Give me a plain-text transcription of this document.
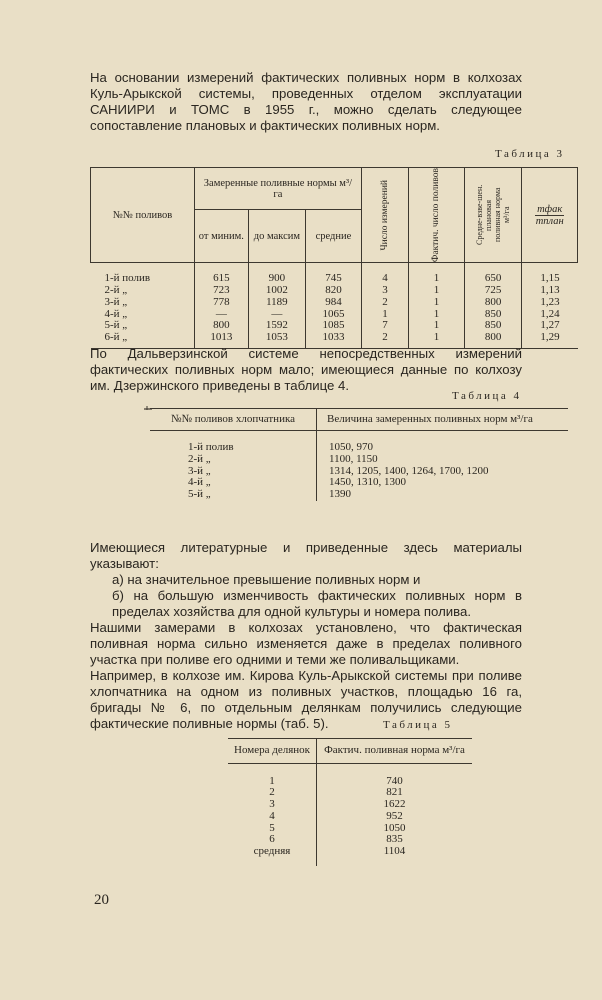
На основании измерений фактических поливных норм в колхозах Куль-Арыкской системы, проведенных отделом эксплуатации САНИИРИ и ТОМС в 1955 г., можно сделать следующее сопоставление плановых и фактических поливных норм.

Таблица 3
№№ поливов	Замеренные поливные нормы м³/га			Число измерений	Фактич. число поливов	Средне-взве-шен. плановая поливная норма м³/га	mфак
mплан
	от миним.	до максим	средние				
1-й полив	615	900	745	4	1	650	1,15
2-й „	723	1002	820	3	1	725	1,13
3-й „	778	1189	984	2	1	800	1,23
4-й „	—	—	1065	1	1	850	1,24
5-й „	800	1592	1085	7	1	850	1,27
6-й „	1013	1053	1033	2	1	800	1,29

По Дальверзинской системе непосредственных измерений фактических поливных норм мало; имеющиеся данные по колхозу им. Дзержинского приведены в таблице 4.

Таблица 4
№№ поливов хлопчатника	Величина замеренных поливных норм м³/га
1-й полив	1050, 970
2-й „	1100, 1150
3-й „	1314, 1205, 1400, 1264, 1700, 1200
4-й „	1450, 1310, 1300
5-й „	1390

Имеющиеся литературные и приведенные здесь материалы указывают:

а) на значительное превышение поливных норм и

б) на большую изменчивость фактических поливных норм в пределах хозяйства для одной культуры и номера полива.

Нашими замерами в колхозах установлено, что фактическая поливная норма сильно изменяется даже в пределах поливного участка при поливе его одними и теми же поливальщиками.

Например, в колхозе им. Кирова Куль-Арыкской системы при поливе хлопчатника на одном из поливных участков, площадью 16 га, бригады № 6, по отдельным делянкам получились следующие фактические поливные нормы (таб. 5).	Таблица 5
Номера делянок	Фактич. поливная норма м³/га
1	740
2	821
3	1622
4	952
5	1050
6	835
средняя	1104
20
